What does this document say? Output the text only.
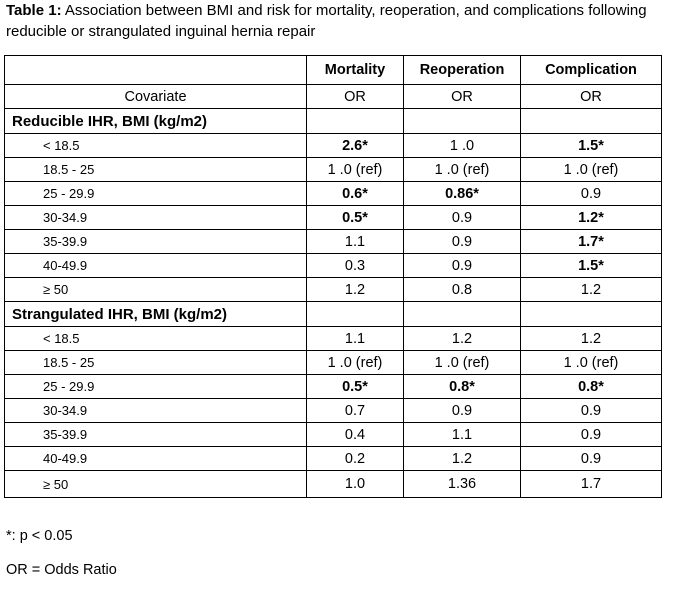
Table 1: Association between BMI and risk for mortality, reoperation, and complications following reducible or strangulated inguinal hernia repair
	Mortality	Reoperation	Complication
Covariate	OR	OR	OR
Reducible IHR, BMI (kg/m2)			
< 18.5	2.6*	1 .0	1.5*
18.5 - 25	1 .0 (ref)	1 .0 (ref)	1 .0 (ref)
25 - 29.9	0.6*	0.86*	0.9
30-34.9	0.5*	0.9	1.2*
35-39.9	1.1	0.9	1.7*
40-49.9	0.3	0.9	1.5*
≥ 50	1.2	0.8	1.2
Strangulated IHR, BMI (kg/m2)			
< 18.5	1.1	1.2	1.2
18.5 - 25	1 .0 (ref)	1 .0 (ref)	1 .0 (ref)
25 - 29.9	0.5*	0.8*	0.8*
30-34.9	0.7	0.9	0.9
35-39.9	0.4	1.1	0.9
40-49.9	0.2	1.2	0.9
≥ 50	1.0	1.36	1.7
*: p < 0.05
OR = Odds Ratio
